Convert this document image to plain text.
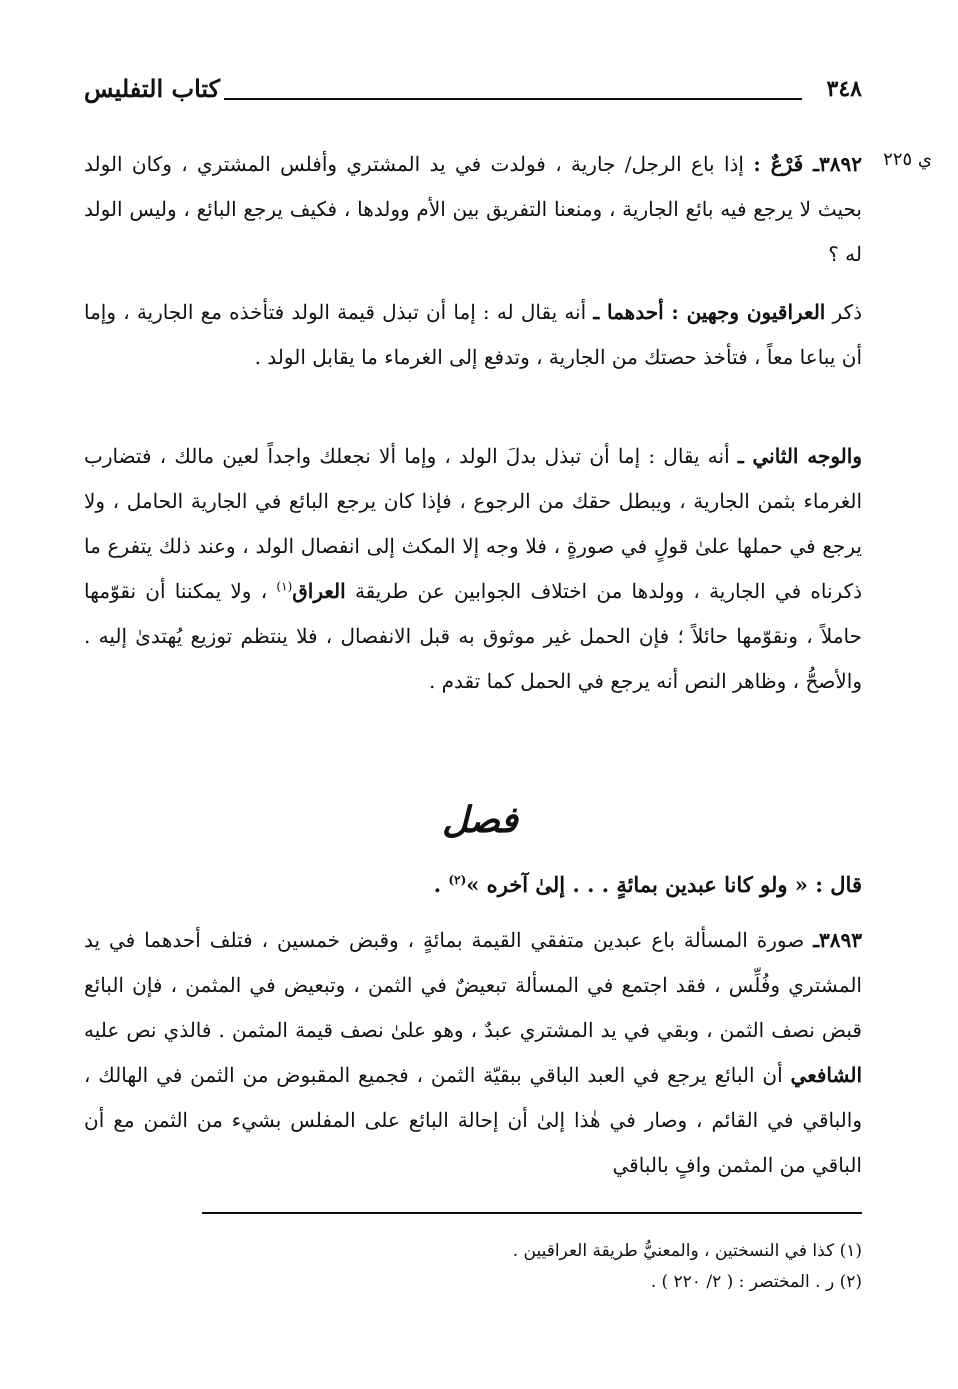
٣٤٨
كتاب التفليس
ي ٢٢٥

٣٨٩٢ـ فَرْعٌ : إذا باع الرجل/ جارية ، فولدت في يد المشتري وأفلس المشتري ، وكان الولد بحيث لا يرجع فيه بائع الجارية ، ومنعنا التفريق بين الأم وولدها ، فكيف يرجع البائع ، وليس الولد له ؟

ذكر العراقيون وجهين : أحدهما ـ أنه يقال له : إما أن تبذل قيمة الولد فتأخذه مع الجارية ، وإما أن يباعا معاً ، فتأخذ حصتك من الجارية ، وتدفع إلى الغرماء ما يقابل الولد .

والوجه الثاني ـ أنه يقال : إما أن تبذل بدلَ الولد ، وإما ألا نجعلك واجداً لعين مالك ، فتضارب الغرماء بثمن الجارية ، ويبطل حقك من الرجوع ، فإذا كان يرجع البائع في الجارية الحامل ، ولا يرجع في حملها علىٰ قولٍ في صورةٍ ، فلا وجه إلا المكث إلى انفصال الولد ، وعند ذلك يتفرع ما ذكرناه في الجارية ، وولدها من اختلاف الجوابين عن طريقة العراق$^{(١)}$ ، ولا يمكننا أن نقوّمها حاملاً ، ونقوّمها حائلاً ؛ فإن الحمل غير موثوق به قبل الانفصال ، فلا ينتظم توزيع يُهتدىٰ إليه . والأصحُّ ، وظاهر النص أنه يرجع في الحمل كما تقدم .

فصل
قال : « ولو كانا عبدين بمائةٍ . . . إلىٰ آخره »$^{(٢)}$ .

٣٨٩٣ـ صورة المسألة باع عبدين متفقي القيمة بمائةٍ ، وقبض خمسين ، فتلف أحدهما في يد المشتري وفُلِّس ، فقد اجتمع في المسألة تبعيضٌ في الثمن ، وتبعيض في المثمن ، فإن البائع قبض نصف الثمن ، وبقي في يد المشتري عبدٌ ، وهو علىٰ نصف قيمة المثمن . فالذي نص عليه الشافعي أن البائع يرجع في العبد الباقي ببقيّة الثمن ، فجميع المقبوض من الثمن في الهالك ، والباقي في القائم ، وصار في هٰذا إلىٰ أن إحالة البائع على المفلس بشيء من الثمن مع أن الباقي من المثمن وافٍ بالباقي

(١) كذا في النسختين ، والمعنيُّ طريقة العراقيين .
(٢) ر . المختصر : ( ٢/ ٢٢٠ ) .
